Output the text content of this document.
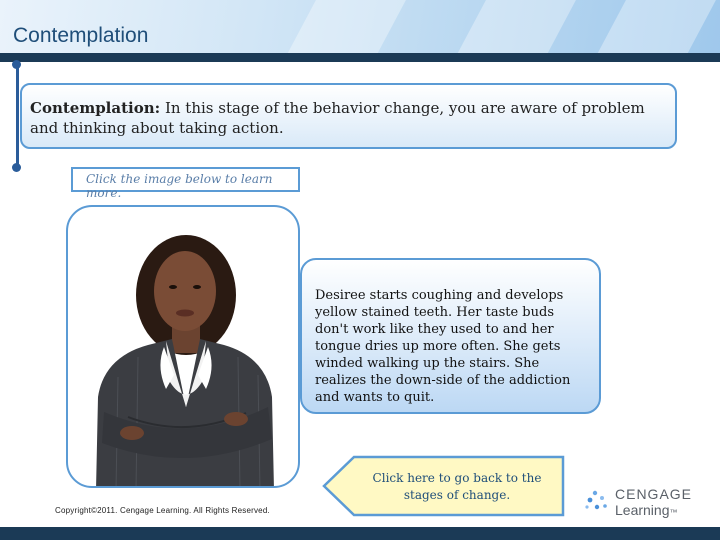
Contemplation
Contemplation: In this stage of the behavior change, you are aware of problem and thinking about taking action.
Click the image below to learn more.
Desiree starts coughing and develops yellow stained teeth. Her taste buds don't work like they used to and her tongue dries up more often. She gets winded walking up the stairs. She realizes the down-side of the addiction and wants to quit.
Click here to go back to the stages of change.
Copyright©2011. Cengage Learning. All Rights Reserved.
CENGAGE
Learning™
